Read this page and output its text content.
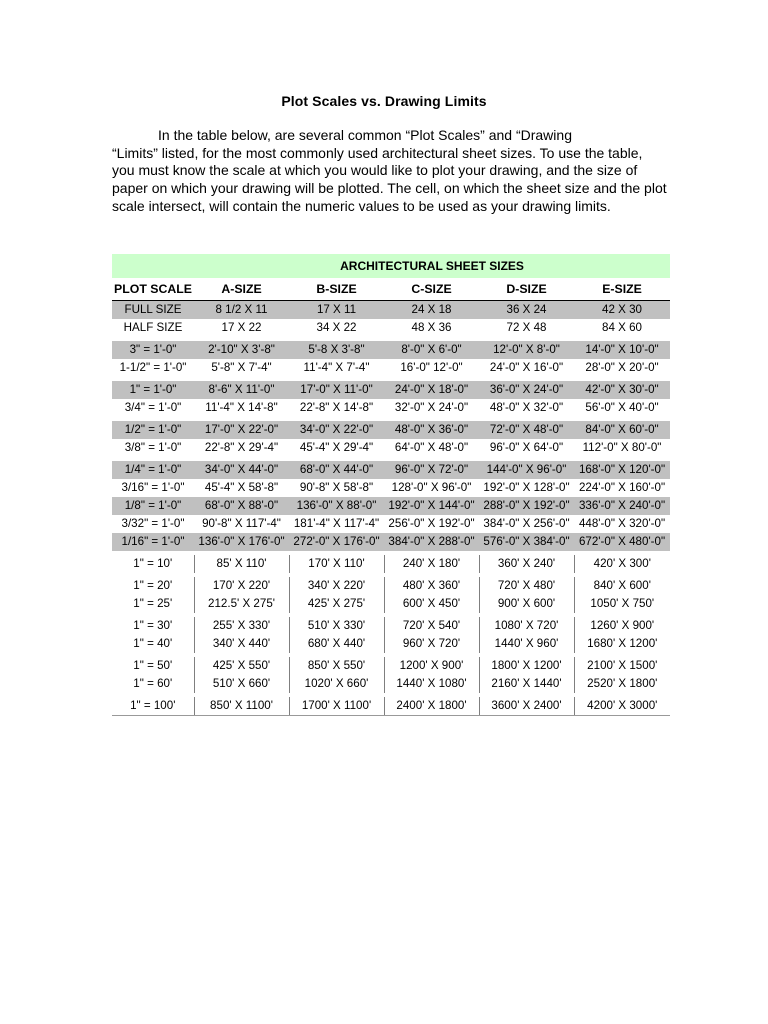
Plot Scales vs. Drawing Limits
In the table below, are several common “Plot Scales” and “Drawing
“Limits” listed, for the most commonly used architectural sheet sizes. To use the table, you must know the scale at which you would like to plot your drawing, and the size of paper on which your drawing will be plotted. The cell, on which the sheet size and the plot scale intersect, will contain the numeric values to be used as your drawing limits.
	ARCHITECTURAL SHEET SIZES				
PLOT SCALE	A-SIZE	B-SIZE	C-SIZE	D-SIZE	E-SIZE
FULL SIZE	8 1/2 X 11	17 X 11	24 X 18	36 X 24	42 X 30
HALF SIZE	17 X 22	34 X 22	48 X 36	72 X 48	84 X 60
3" = 1'-0"	2'-10" X 3'-8"	5'-8 X 3'-8"	8'-0" X 6'-0"	12'-0" X 8'-0"	14'-0" X 10'-0"
1-1/2" = 1'-0"	5'-8" X 7'-4"	11'-4" X 7'-4"	16'-0" 12'-0"	24'-0" X 16'-0"	28'-0" X 20'-0"
1" = 1'-0"	8'-6" X 11'-0"	17'-0" X 11'-0"	24'-0" X 18'-0"	36'-0" X 24'-0"	42'-0" X 30'-0"
3/4" = 1'-0"	11'-4" X 14'-8"	22'-8" X 14'-8"	32'-0" X 24'-0"	48'-0" X 32'-0"	56'-0" X 40'-0"
1/2" = 1'-0"	17'-0" X 22'-0"	34'-0" X 22'-0"	48'-0" X 36'-0"	72'-0" X 48'-0"	84'-0" X 60'-0"
3/8" = 1'-0"	22'-8" X 29'-4"	45'-4" X 29'-4"	64'-0" X 48'-0"	96'-0" X 64'-0"	112'-0" X 80'-0"
1/4" = 1'-0"	34'-0" X 44'-0"	68'-0" X 44'-0"	96'-0" X 72'-0"	144'-0" X 96'-0"	168'-0" X 120'-0"
3/16" = 1'-0"	45'-4" X 58'-8"	90'-8" X 58'-8"	128'-0" X 96'-0"	192'-0" X 128'-0"	224'-0" X 160'-0"
1/8" = 1'-0"	68'-0" X 88'-0"	136'-0" X 88'-0"	192'-0" X 144'-0"	288'-0" X 192'-0"	336'-0" X 240'-0"
3/32" = 1'-0"	90'-8" X 117'-4"	181'-4" X 117'-4"	256'-0" X 192'-0"	384'-0" X 256'-0"	448'-0" X 320'-0"
1/16" = 1'-0"	136'-0" X 176'-0"	272'-0" X 176'-0"	384'-0" X 288'-0"	576'-0" X 384'-0"	672'-0" X 480'-0"
1" = 10'	85' X 110'	170' X 110'	240' X 180'	360' X 240'	420' X 300'
1" = 20'	170' X 220'	340' X 220'	480' X 360'	720' X 480'	840' X 600'
1" = 25'	212.5' X 275'	425' X 275'	600' X 450'	900' X 600'	1050' X 750'
1" = 30'	255' X 330'	510' X 330'	720' X 540'	1080' X 720'	1260' X 900'
1" = 40'	340' X 440'	680' X 440'	960' X 720'	1440' X 960'	1680' X 1200'
1" = 50'	425' X 550'	850' X 550'	1200' X 900'	1800' X 1200'	2100' X 1500'
1" = 60'	510' X 660'	1020' X 660'	1440' X 1080'	2160' X 1440'	2520' X 1800'
1" = 100'	850' X 1100'	1700' X 1100'	2400' X 1800'	3600' X 2400'	4200' X 3000'
